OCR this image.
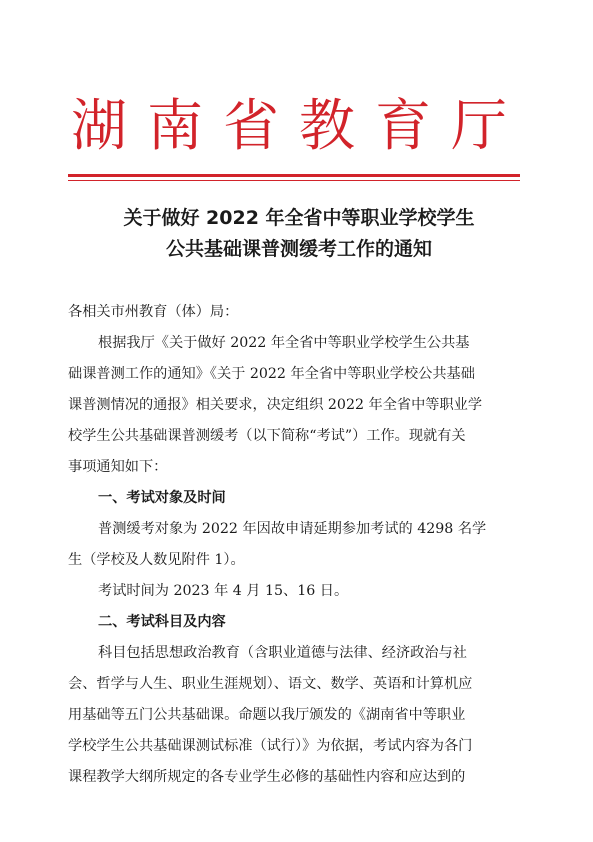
湖南省教育厅
关于做好 2022 年全省中等职业学校学生
公共基础课普测缓考工作的通知
各相关市州教育（体）局：
根据我厅《关于做好 2022 年全省中等职业学校学生公共基
础课普测工作的通知》《关于 2022 年全省中等职业学校公共基础
课普测情况的通报》相关要求，决定组织 2022 年全省中等职业学
校学生公共基础课普测缓考（以下简称“考试”）工作。现就有关
事项通知如下：
一、考试对象及时间
普测缓考对象为 2022 年因故申请延期参加考试的 4298 名学
生（学校及人数见附件 1）。
考试时间为 2023 年 4 月 15、16 日。
二、考试科目及内容
科目包括思想政治教育（含职业道德与法律、经济政治与社
会、哲学与人生、职业生涯规划）、语文、数学、英语和计算机应
用基础等五门公共基础课。命题以我厅颁发的《湖南省中等职业
学校学生公共基础课测试标准（试行）》为依据，考试内容为各门
课程教学大纲所规定的各专业学生必修的基础性内容和应达到的
